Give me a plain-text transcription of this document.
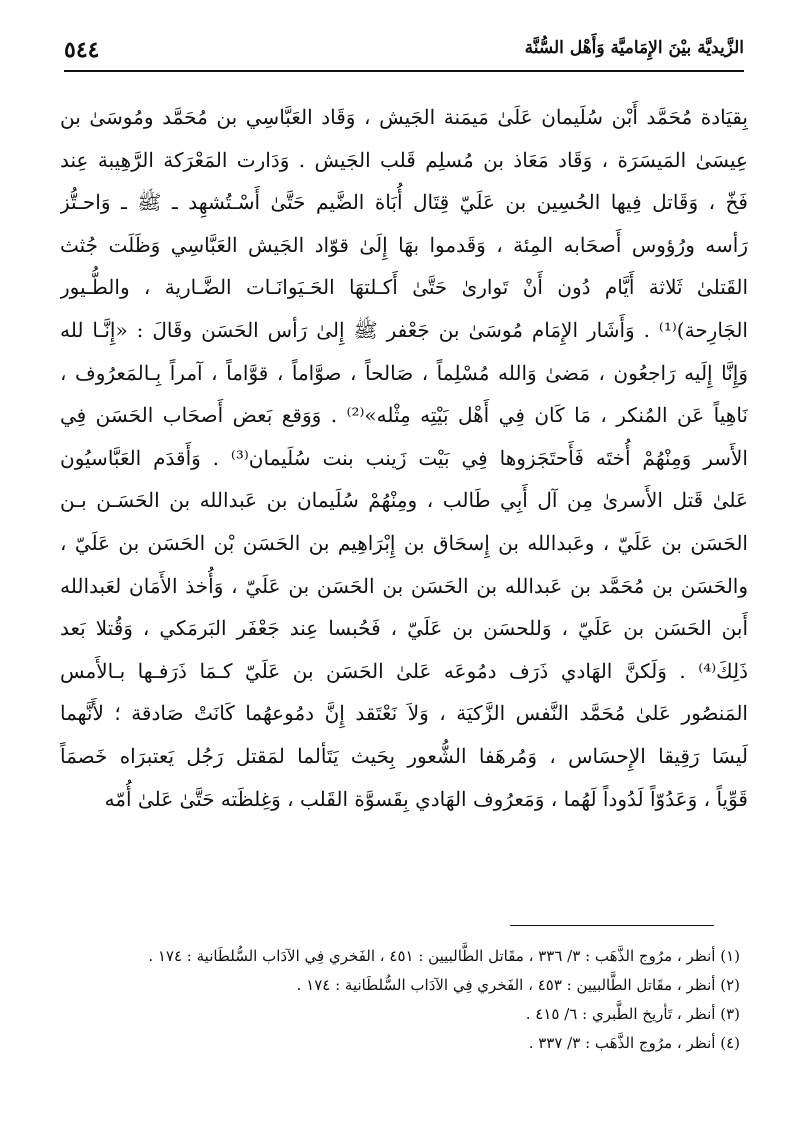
الزَّيديَّة بيْنَ الإِمَاميَّة وَأَهْل السُّنَّة
٥٤٤
بِقيَادة مُحَمَّد أَبْن سُلَيمان عَلَىٰ مَيمَنة الجَيش ، وَقَاد العَبَّاسِي بن مُحَمَّد ومُوسَىٰ بن
عِيسَىٰ المَيسَرَة ، وَقَاد مَعَاذ بن مُسلِم قَلب الجَيش . وَدَارت المَعْرَكة الرَّهِيبة عِند
فَخّ ، وَقَاتل فِيها الحُسِين بن عَلَيّ قِتَال أُبَاة الضَّيم حَتَّىٰ أَسْـتُشهِد ـ ﷺ ـ وَاحـتُّز
رَأسه ورُؤوس أَصحَابه المِئة ، وَقَدموا بهَا إِلَىٰ قوّاد الجَيش العَبَّاسِي وَظَلَت جُثث
القَتلىٰ ثَلاثة أَيَّام دُون أَنْ تَوارىٰ حَتَّىٰ أَكـلتهَا الحَـيَوانَـات الضَّـارية ، والطُّـيور
الجَارِحة)⁽¹⁾ . وَأَشَار الإِمَام مُوسَىٰ بن جَعْفر ﷺ إِلىٰ رَأس الحَسَن وقَالَ : «إِنَّـا لله
وَإِنَّا إِلَيه رَاجعُون ، مَضىٰ وَالله مُسْلِماً ، صَالحاً ، صوَّاماً ، قوَّاماً ، آمراً بِـالمَعرُوف ،
نَاهِياً عَن المُنكر ، مَا كَان فِي أَهْل بَيْتِه مِثْله»⁽²⁾ . وَوَقع بَعض أَصحَاب الحَسَن فِي
الأَسر وَمِنْهُمْ أُختَه فَأَحتَجَزوها فِي بَيْت زَينب بنت سُلَيمان⁽³⁾ . وَأَقدَم العَبَّاسيُون
عَلىٰ قَتل الأَسرىٰ مِن آل أَبِي طَالب ، ومِنْهُمْ سُلَيمان بن عَبدالله بن الحَسَـن بـن
الحَسَن بن عَلَيّ ، وعَبدالله بن إِسحَاق بن إِبْرَاهِيم بن الحَسَن بْن الحَسَن بن عَلَيّ ،
والحَسَن بن مُحَمَّد بن عَبدالله بن الحَسَن بن الحَسَن بن عَلَيّ ، وَأُخذ الأَمَان لعَبدالله
أَبن الحَسَن بن عَلَيّ ، وَللحسَن بن عَلَيّ ، فَحُبسا عِند جَعْفَر البَرمَكي ، وَقُتلا بَعد
ذَلِكَ⁽⁴⁾ . وَلَكنَّ الهَادي ذَرَف دمُوعَه عَلىٰ الحَسَن بن عَلَيّ كـمَا ذَرَفـها بـالأَمس
المَنصُور عَلىٰ مُحَمَّد النَّفس الزَّكيَة ، وَلاَ نَعْتَقد إِنَّ دمُوعهُما كَانَتْ صَادقة ؛ لأَنَّهما
لَيسَا رَقِيقا الإِحسَاس ، وَمُرهَفا الشُّعور بِحَيث يَتَألما لمَقتل رَجُل يَعتبرَاه خَصمَاً
قَوِّياً ، وَعَدُوّاً لَدُوداً لَهُما ، وَمَعرُوف الهَادي بِقَسوَّة القَلب ، وَغِلظَته حَتَّىٰ عَلىٰ أُمّه
(١) أنظر ، مرُوج الذَّهَب : ٣/ ٣٣٦ ، مقَاتل الطَّالبيين : ٤٥١ ، الفَخري فِي الآدَاب السُّلطَانية : ١٧٤ .
(٢) أنظر ، مقَاتل الطَّالبيين : ٤٥٣ ، الفَخري فِي الآدَاب السُّلطَانية : ١٧٤ .
(٣) أنظر ، تَأريخ الطَّبري : ٦/ ٤١٥ .
(٤) أنظر ، مرُوج الذَّهَب : ٣/ ٣٣٧ .
